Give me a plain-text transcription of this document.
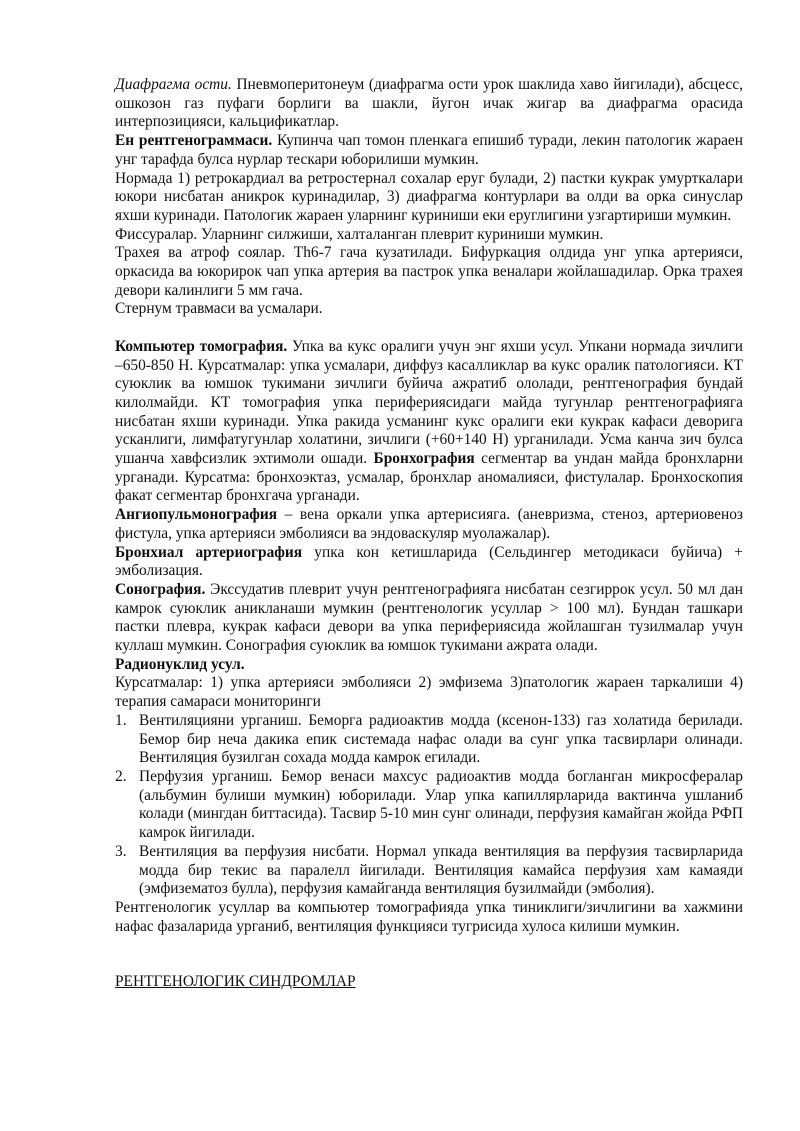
Диафрагма ости. Пневмоперитонеум (диафрагма ости урок шаклида хаво йигилади), абсцесс, ошкозон газ пуфаги борлиги ва шакли, йугон ичак жигар ва диафрагма орасида интерпозицияси, кальцификатлар.

Ен рентгенограммаси. Купинча чап томон пленкага епишиб туради, лекин патологик жараен унг тарафда булса нурлар тескари юборилиши мумкин.

Нормада 1) ретрокардиал ва ретростернал сохалар еруг булади, 2) пастки кукрак умурткалари юкори нисбатан аникрок куринадилар, 3) диафрагма контурлари ва олди ва орка синуслар яхши куринади. Патологик жараен уларнинг куриниши еки еруглигини узгартириши мумкин.

Фиссуралар. Уларнинг силжиши, халталанган плеврит куриниши мумкин.

Трахея ва атроф соялар. Th6-7 гача кузатилади. Бифуркация олдида унг упка артерияси, оркасида ва юкорирок чап упка артерия ва пастрок упка веналари жойлашадилар. Орка трахея девори калинлиги 5 мм гача.

Стернум травмаси ва усмалари.

Компьютер томография. Упка ва кукс оралиги учун энг яхши усул. Упкани нормада зичлиги –650-850 Н. Курсатмалар: упка усмалари, диффуз касалликлар ва кукс оралик патологияси. КТ суюклик ва юмшок тукимани зичлиги буйича ажратиб ололади, рентгенография бундай килолмайди. КТ томография упка периферияcидаги майда тугунлар рентгенографияга нисбатан яхши куринади. Упка ракида усманинг кукс оралиги еки кукрак кафаси деворига усканлиги, лимфатугунлар холатини, зичлиги (+60+140 Н) урганилади. Усма канча зич булса ушанча хавфсизлик эхтимоли ошади. Бронхография сегментар ва ундан майда бронхларни урганади. Курсатма: бронхоэктаз, усмалар, бронхлар аномалияси, фистулалар. Бронхоскопия факат сегментар бронхгача урганади.

Ангиопульмонография – вена оркали упка артерисияга. (аневризма, стеноз, артериовеноз фистула, упка артерияси эмболияси ва эндоваскуляр муолажалар).

Бронхиал артериография упка кон кетишларида (Сельдингер методикаси буйича) + эмболизация.

Сонография. Экссудатив плеврит учун рентгенографияга нисбатан сезгиррок усул. 50 мл дан камрок суюклик аникланаши мумкин (рентгенологик усуллар > 100 мл). Бундан ташкари пастки плевра, кукрак кафаси девори ва упка периферияcида жойлашган тузилмалар учун куллаш мумкин. Сонография суюклик ва юмшок тукимани ажрата олади.

Радионуклид усул.

Курсатмалар: 1) упка артерияси эмболияси 2) эмфизема 3)патологик жараен таркалиши 4) терапия самараси мониторинги

1. Вентиляцияни урганиш. Беморга радиоактив модда (ксенон-133) газ холатида берилади. Бемор бир неча дакика епик системада нафас олади ва сунг упка тасвирлари олинади. Вентиляция бузилган сохада модда камрок егилади.
2. Перфузия урганиш. Бемор венаси махсус радиоактив модда богланган микросфералар (альбумин булиши мумкин) юборилади. Улар упка капиллярларида вактинча ушланиб колади (мингдан биттасида). Тасвир 5-10 мин сунг олинади, перфузия камайган жойда РФП камрок йигилади.
3. Вентиляция ва перфузия нисбати. Нормал упкада вентиляция ва перфузия тасвирларида модда бир текис ва паралелл йигилади. Вентиляция камайса перфузия хам камаяди (эмфизематоз булла), перфузия камайганда вентиляция бузилмайди (эмболия).

Рентгенологик усуллар ва компьютер томографияда упка тиниклиги/зичлигини ва хажмини нафас фазаларида урганиб, вентиляция функцияси тугрисида хулоса килиши мумкин.

РЕНТГЕНОЛОГИК СИНДРОМЛАР
